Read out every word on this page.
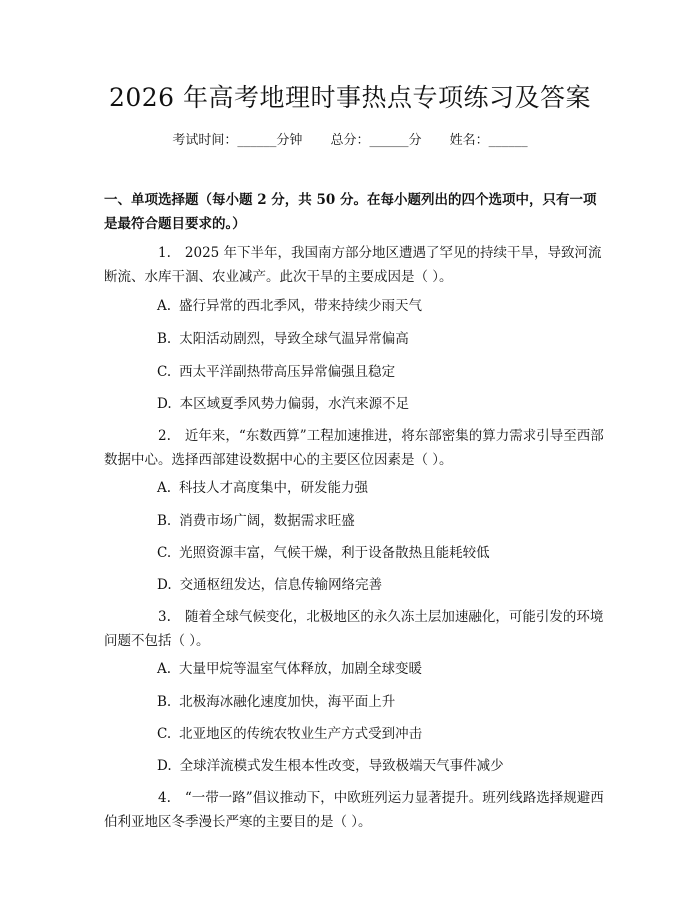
2026 年高考地理时事热点专项练习及答案
考试时间：______分钟 总分：______分 姓名：______
一、单项选择题（每小题 2 分，共 50 分。在每小题列出的四个选项中，只有一项是最符合题目要求的。）
1. 2025 年下半年，我国南方部分地区遭遇了罕见的持续干旱，导致河流断流、水库干涸、农业减产。此次干旱的主要成因是（ ）。
A. 盛行异常的西北季风，带来持续少雨天气
B. 太阳活动剧烈，导致全球气温异常偏高
C. 西太平洋副热带高压异常偏强且稳定
D. 本区域夏季风势力偏弱，水汽来源不足
2. 近年来，“东数西算”工程加速推进，将东部密集的算力需求引导至西部数据中心。选择西部建设数据中心的主要区位因素是（ ）。
A. 科技人才高度集中，研发能力强
B. 消费市场广阔，数据需求旺盛
C. 光照资源丰富，气候干燥，利于设备散热且能耗较低
D. 交通枢纽发达，信息传输网络完善
3. 随着全球气候变化，北极地区的永久冻土层加速融化，可能引发的环境问题不包括（ ）。
A. 大量甲烷等温室气体释放，加剧全球变暖
B. 北极海冰融化速度加快，海平面上升
C. 北亚地区的传统农牧业生产方式受到冲击
D. 全球洋流模式发生根本性改变，导致极端天气事件减少
4. “一带一路”倡议推动下，中欧班列运力显著提升。班列线路选择规避西伯利亚地区冬季漫长严寒的主要目的是（ ）。
